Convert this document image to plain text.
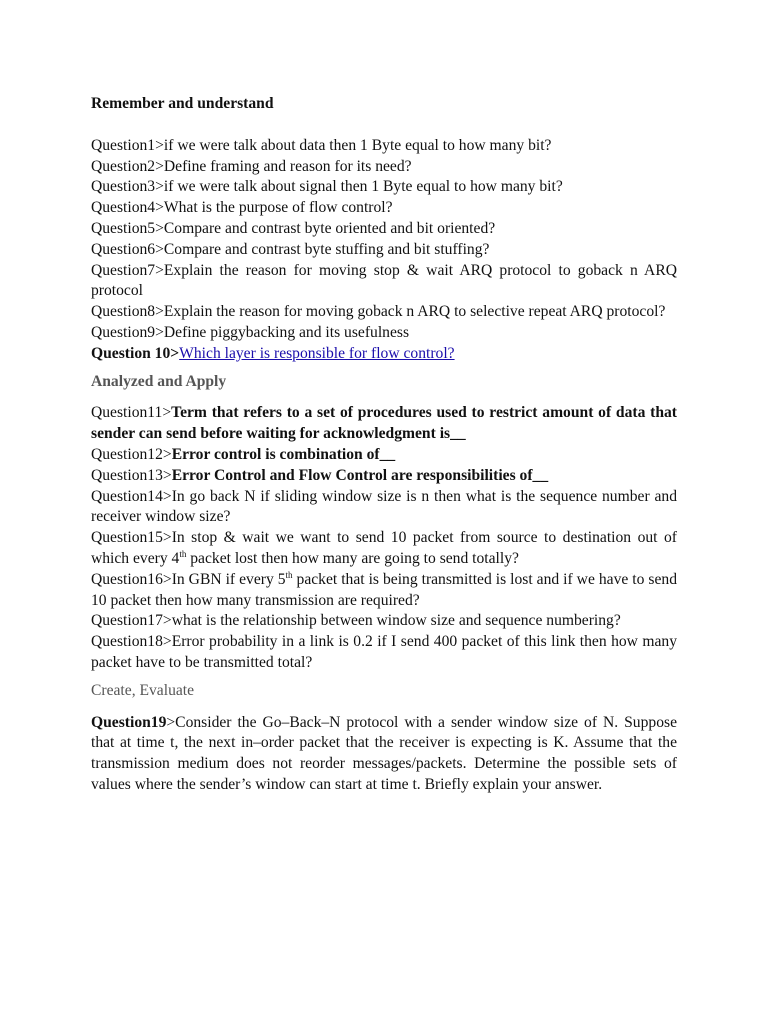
Remember and understand

Question1>if we were talk about data then 1 Byte equal to how many bit?

Question2>Define framing and reason for its need?

Question3>if we were talk about signal then 1 Byte equal to how many bit?

Question4>What is the purpose of flow control?

Question5>Compare and contrast byte oriented and bit oriented?

Question6>Compare and contrast byte stuffing and bit stuffing?

Question7>Explain the reason for moving stop & wait ARQ protocol to goback n ARQ protocol

Question8>Explain the reason for moving goback n ARQ to selective repeat ARQ protocol?

Question9>Define piggybacking and its usefulness

Question 10>Which layer is responsible for flow control?

Analyzed and Apply

Question11>Term that refers to a set of procedures used to restrict amount of data that sender can send before waiting for acknowledgment is__

Question12>Error control is combination of__

Question13>Error Control and Flow Control are responsibilities of__

Question14>In go back N if sliding window size is n then what is the sequence number and receiver window size?

Question15>In stop & wait we want to send 10 packet from source to destination out of which every 4th packet lost then how many are going to send totally?

Question16>In GBN if every 5th packet that is being transmitted is lost and if we have to send 10 packet then how many transmission are required?

Question17>what is the relationship between window size and sequence numbering?

Question18>Error probability in a link is 0.2 if I send 400 packet of this link then how many packet have to be transmitted total?

Create, Evaluate

Question19>Consider the Go–Back–N protocol with a sender window size of N. Suppose that at time t, the next in–order packet that the receiver is expecting is K. Assume that the transmission medium does not reorder messages/packets. Determine the possible sets of values where the sender’s window can start at time t. Briefly explain your answer.
